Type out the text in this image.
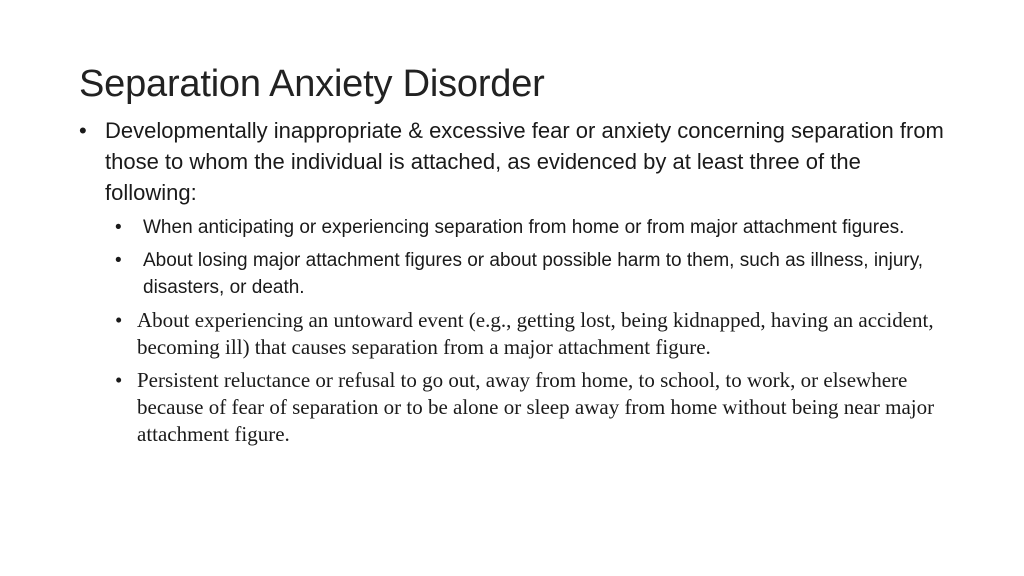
Separation Anxiety Disorder
• Developmentally inappropriate & excessive fear or anxiety concerning separation from those to whom the individual is attached, as evidenced by at least three of the following:
•	When anticipating or experiencing separation from home or from major attachment figures.
•	About losing major attachment figures or about possible harm to them, such as illness, injury, disasters, or death.
• About experiencing an untoward event (e.g., getting lost, being kidnapped, having an accident, becoming ill) that causes separation from a major attachment figure.
• Persistent reluctance or refusal to go out, away from home, to school, to work, or elsewhere because of fear of separation or to be alone or sleep away from home without being near major attachment figure.
